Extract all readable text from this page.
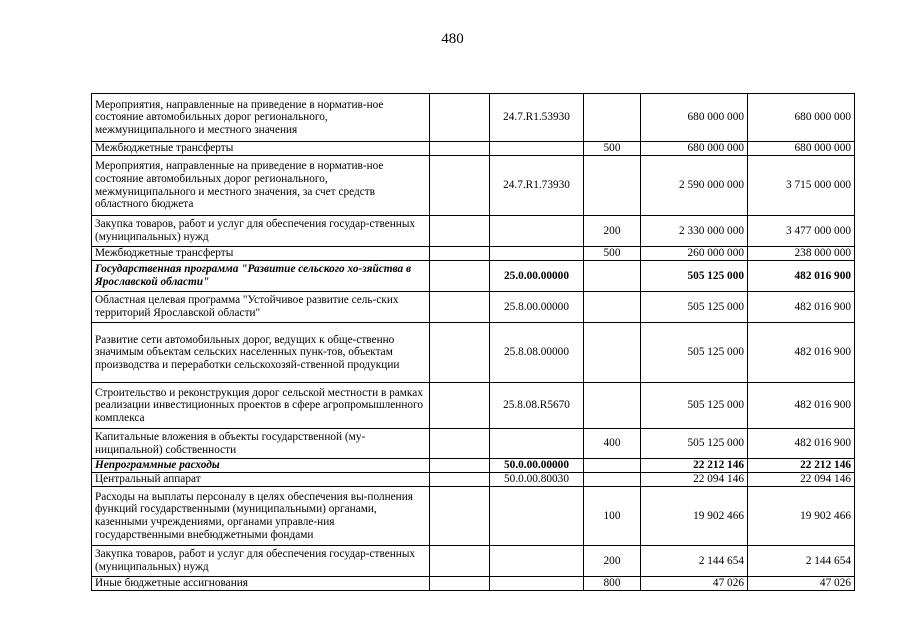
480
Мероприятия, направленные на приведение в норматив-ное состояние автомобильных дорог регионального, межмуниципального и местного значения		24.7.R1.53930		680 000 000	680 000 000
Межбюджетные трансферты			500	680 000 000	680 000 000
Мероприятия, направленные на приведение в норматив-ное состояние автомобильных дорог регионального, межмуниципального и местного значения, за счет средств областного бюджета		24.7.R1.73930		2 590 000 000	3 715 000 000
Закупка товаров, работ и услуг для обеспечения государ-ственных (муниципальных) нужд			200	2 330 000 000	3 477 000 000
Межбюджетные трансферты			500	260 000 000	238 000 000
Государственная программа "Развитие сельского хо-зяйства в Ярославской области"		25.0.00.00000		505 125 000	482 016 900
Областная целевая программа "Устойчивое развитие сель-ских территорий Ярославской области"		25.8.00.00000		505 125 000	482 016 900
Развитие сети автомобильных дорог, ведущих к обще-ственно значимым объектам сельских населенных пунк-тов, объектам производства и переработки сельскохозяй-ственной продукции		25.8.08.00000		505 125 000	482 016 900
Строительство и реконструкция дорог сельской местности в рамках реализации инвестиционных проектов в сфере агропромышленного комплекса		25.8.08.R5670		505 125 000	482 016 900
Капитальные вложения в объекты государственной (му-ниципальной) собственности			400	505 125 000	482 016 900
Непрограммные расходы		50.0.00.00000		22 212 146	22 212 146
Центральный аппарат		50.0.00.80030		22 094 146	22 094 146
Расходы на выплаты персоналу в целях обеспечения вы-полнения функций государственными (муниципальными) органами, казенными учреждениями, органами управле-ния государственными внебюджетными фондами			100	19 902 466	19 902 466
Закупка товаров, работ и услуг для обеспечения государ-ственных (муниципальных) нужд			200	2 144 654	2 144 654
Иные бюджетные ассигнования			800	47 026	47 026
